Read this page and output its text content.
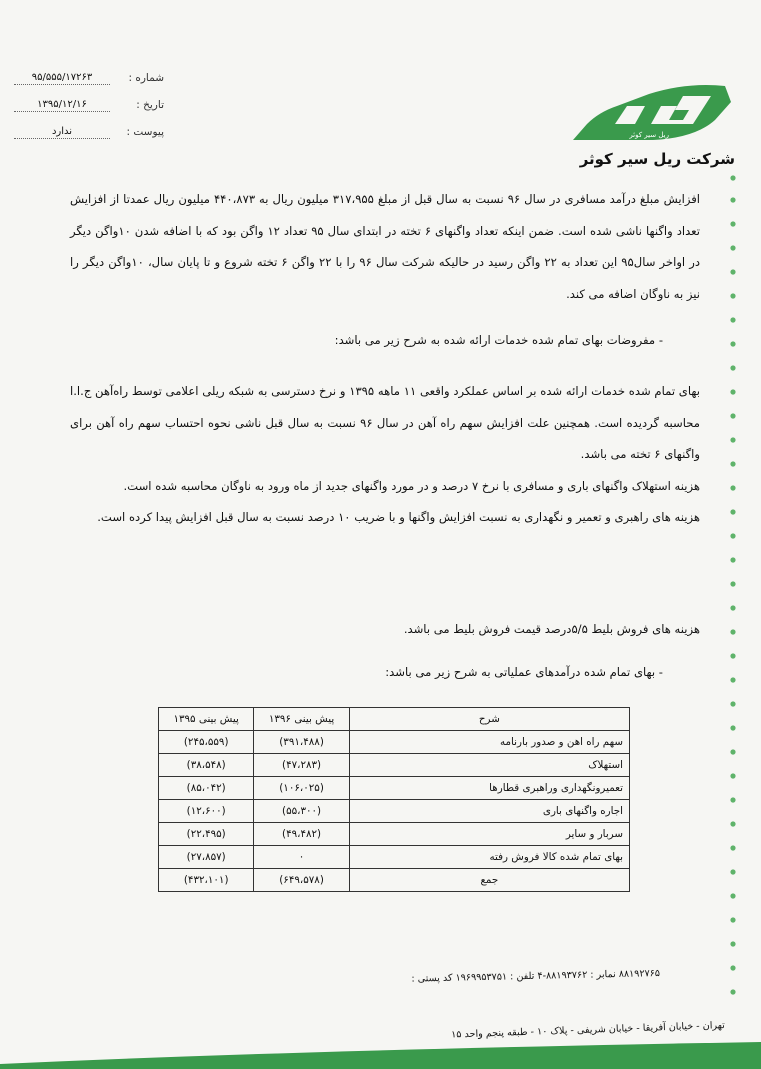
شماره :
۹۵/۵۵۵/۱۷۲۶۳
تاریخ :
۱۳۹۵/۱۲/۱۶
پیوست :
ندارد	ریل سیر کوثر
شرکت ریل سیر کوثر

افزایش مبلغ درآمد مسافری در سال ۹۶ نسبت به سال قبل از مبلغ ۳۱۷،۹۵۵ میلیون ریال به ۴۴۰،۸۷۳ میلیون ریال عمدتا از افزایش تعداد واگنها ناشی شده است. ضمن اینکه تعداد واگنهای ۶ تخته در ابتدای سال ۹۵ تعداد ۱۲ واگن بود که با اضافه شدن ۱۰واگن دیگر در اواخر سال۹۵ این تعداد به ۲۲ واگن رسید در حالیکه شرکت سال ۹۶ را با ۲۲ واگن ۶ تخته شروع و تا پایان سال، ۱۰واگن دیگر را نیز به ناوگان اضافه می کند.

- مفروضات بهای تمام شده خدمات ارائه شده به شرح زیر می باشد:

بهای تمام شده خدمات ارائه شده بر اساس عملکرد واقعی ۱۱ ماهه ۱۳۹۵ و نرخ دسترسی به شبکه ریلی اعلامی توسط راه‌آهن ج.ا.ا محاسبه گردیده است. همچنین علت افزایش سهم راه آهن در سال ۹۶ نسبت به سال قبل ناشی نحوه احتساب سهم راه آهن برای واگنهای ۶ تخته می باشد.

هزینه استهلاک واگنهای باری و مسافری با نرخ ۷ درصد و در مورد واگنهای جدید از ماه ورود به ناوگان محاسبه شده است.

هزینه های راهبری و تعمیر و نگهداری به نسبت افزایش واگنها و با ضریب ۱۰ درصد نسبت به سال قبل افزایش پیدا کرده است.

هزینه های فروش بلیط ۵/۵درصد قیمت فروش بلیط می باشد.

- بهای تمام شده درآمدهای عملیاتی به شرح زیر می باشد:
شرح	پیش بینی ۱۳۹۶	پیش بینی ۱۳۹۵
سهم راه اهن و صدور بارنامه	(۳۹۱،۴۸۸)	(۲۴۵،۵۵۹)
استهلاک	(۴۷،۲۸۳)	(۳۸،۵۴۸)
تعمیرونگهداری وراهبری قطارها	(۱۰۶،۰۲۵)	(۸۵،۰۴۲)
اجاره واگنهای باری	(۵۵،۳۰۰)	(۱۲،۶۰۰)
سربار و سایر	(۴۹،۴۸۲)	(۲۲،۴۹۵)
بهای تمام شده کالا فروش رفته	۰	(۲۷،۸۵۷)
جمع	(۶۴۹،۵۷۸)	(۴۳۲،۱۰۱)
۸۸۱۹۲۷۶۵ نمابر : ۸۸۱۹۳۷۶۲-۴ تلفن : ۱۹۶۹۹۵۳۷۵۱ کد پستی :
تهران - خیابان آفریقا - خیابان شریفی - پلاک ۱۰ - طبقه پنجم واحد ۱۵
